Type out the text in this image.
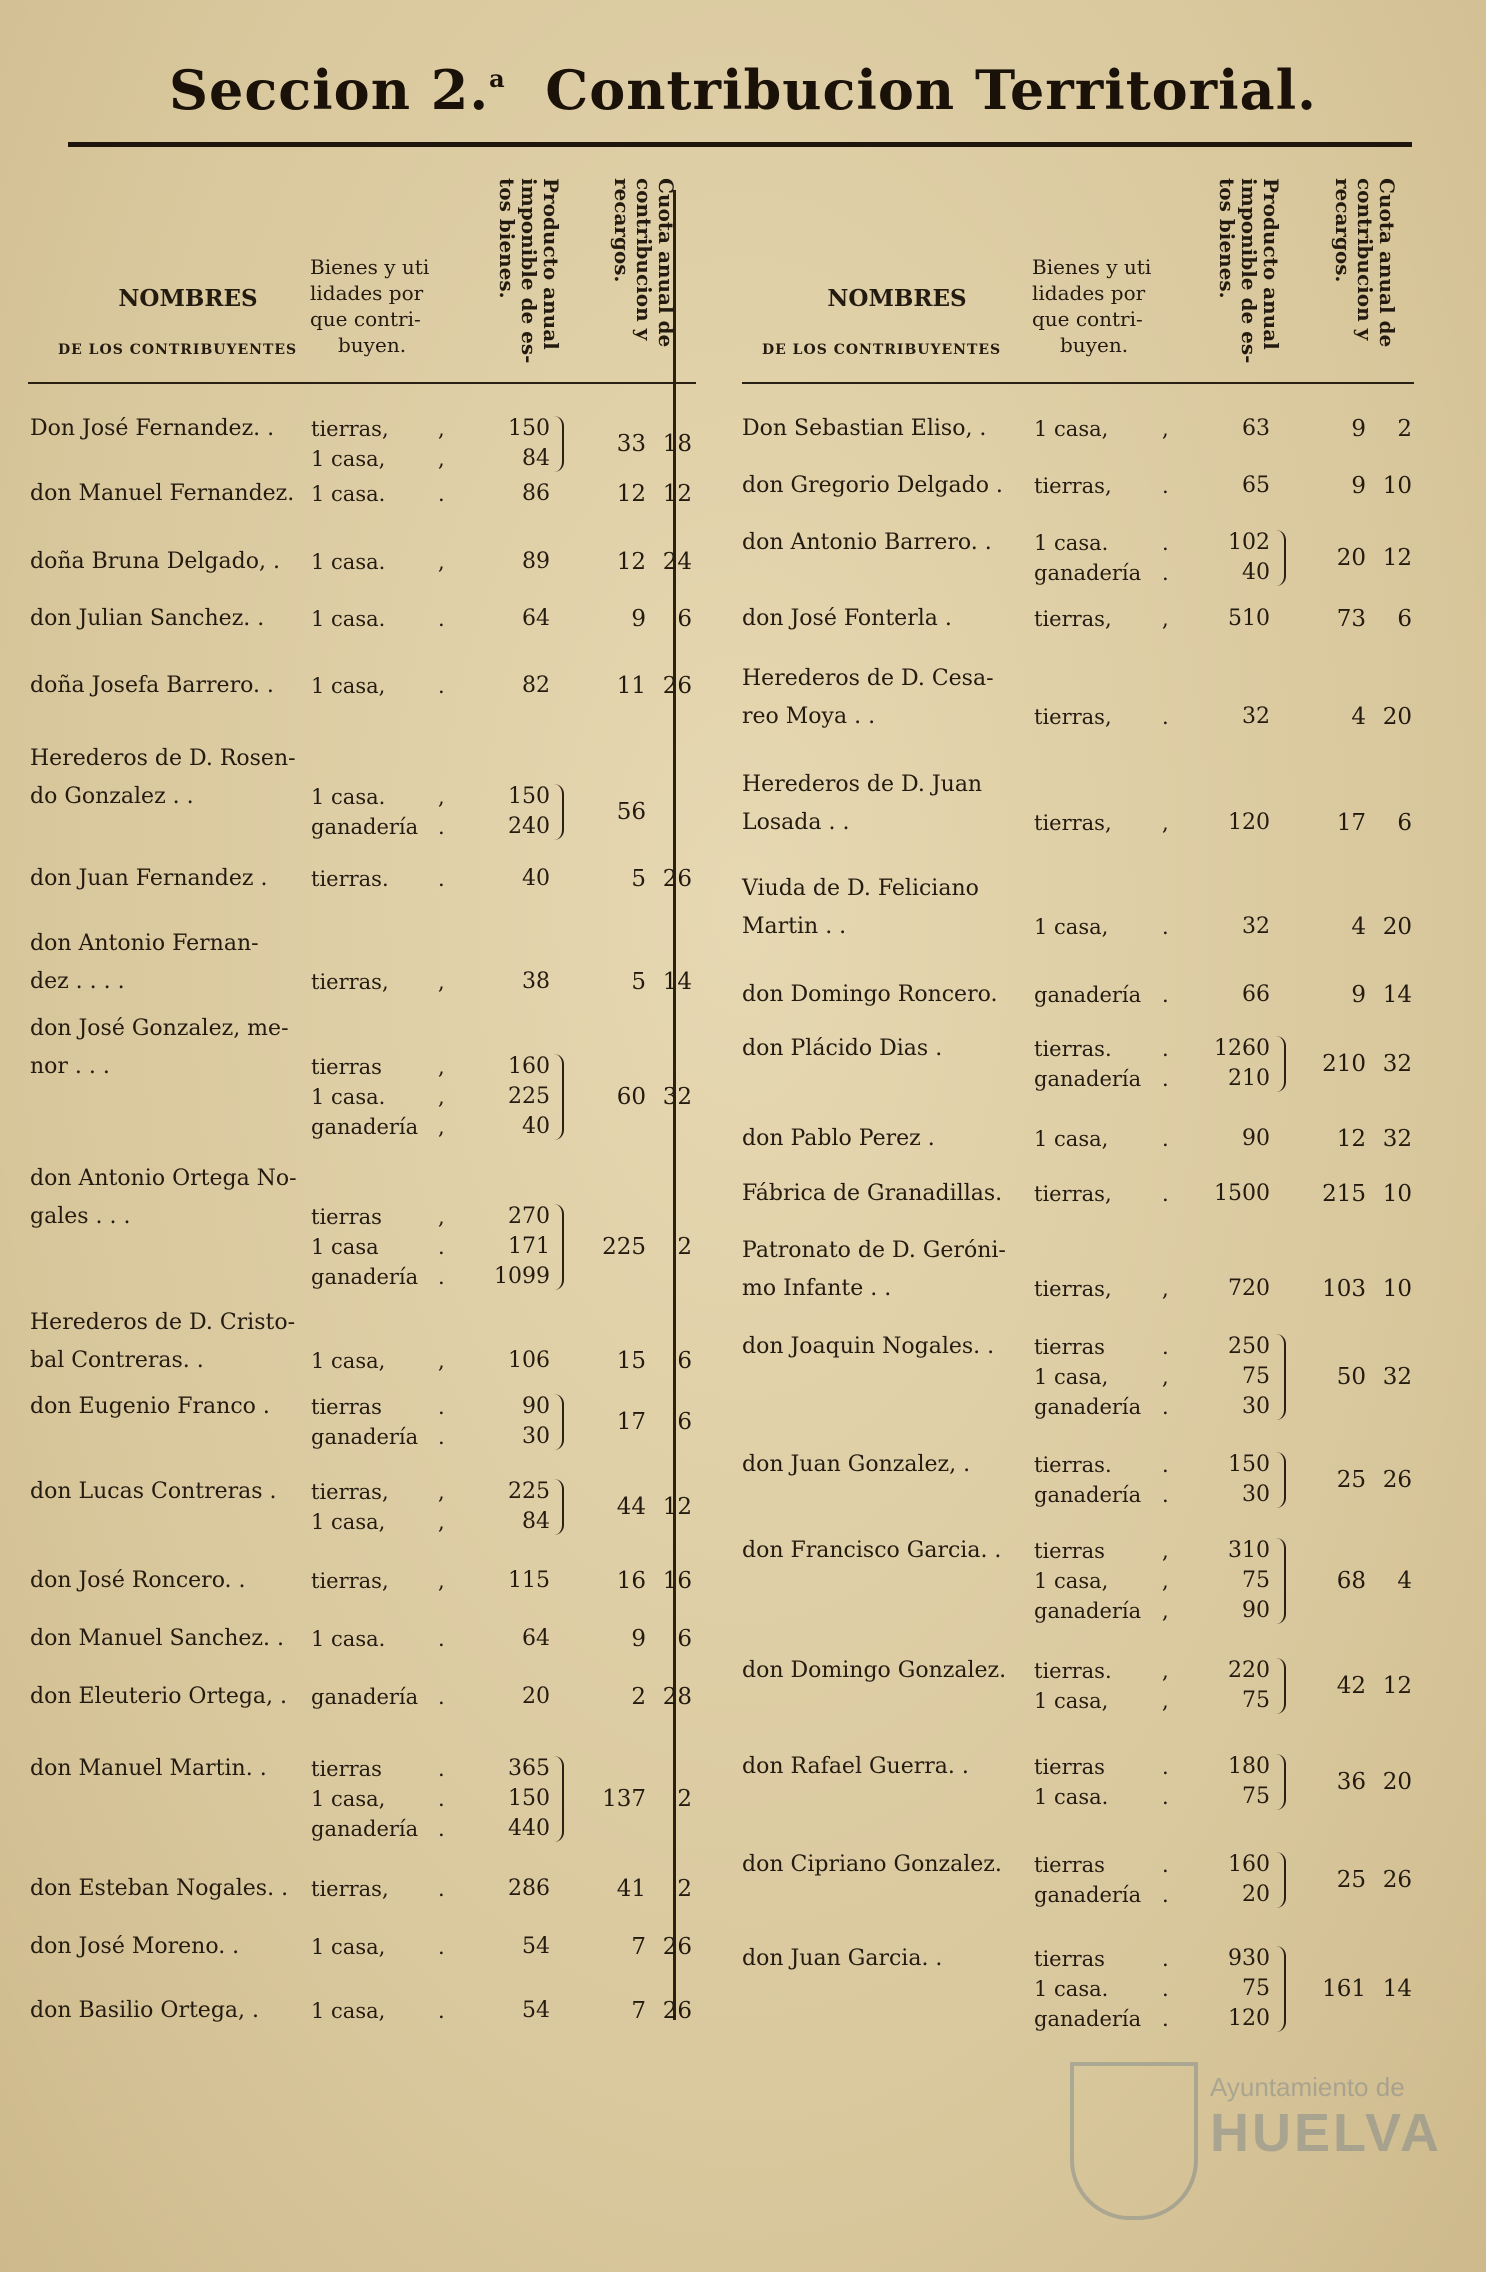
Seccion 2.$^a$ Contribucion Territorial.
NOMBRES
DE LOS CONTRIBUYENTES
Bienes y uti
lidades por
que contri-
buyen.	Producto anual
imponible de es-
tos bienes.	Cuota anual de
contribucion y
recargos.
Don José Fernandez. . tierras, ,	150
1 casa,	,	84
33 18
don Manuel Fernandez. 1 casa.	.	86	12 12
doña Bruna Delgado, . 1 casa.	,	89	12 24
don Julian Sanchez. . 1 casa.	.	64	9	6
doña Josefa Barrero. . 1 casa,	.	82	11 26
Herederos de D. Rosen-
do Gonzalez . .	1 casa.	,	150
ganadería .	240
56
don Juan Fernandez . tierras. .	40	5 26
don Antonio Fernan-
dez . . . .	tierras, ,	38	5 14
don José Gonzalez, me-
nor . . .	tierras	,	160
1 casa.	,	225
ganadería ,	40
60 32
don Antonio Ortega No-
gales . . .	tierras	,	270
1 casa	.	171
ganadería .	1099
225	2
Herederos de D. Cristo-
bal Contreras. .	1 casa,	,	106	15	6
don Eugenio Franco . tierras	.	90
ganadería .	30
17	6
don Lucas Contreras . tierras, ,	225
1 casa,	,	84
44 12
don José Roncero. .	tierras, ,	115	16 16
don Manuel Sanchez. . 1 casa.	.	64	9	6
don Eleuterio Ortega, . ganadería .	20	2 28
don Manuel Martin. . tierras	.	365
1 casa,	.	150
ganadería .	440
137	2
don Esteban Nogales. . tierras, .	286	41	2
don José Moreno. .	1 casa,	.	54	7 26
don Basilio Ortega, . 1 casa,	.	54	7 26
NOMBRES
DE LOS CONTRIBUYENTES
Bienes y uti
lidades por
que contri-
buyen.	Producto anual
imponible de es-
tos bienes.	Cuota anual de
contribucion y
recargos.
Don Sebastian Eliso, . 1 casa,	,	63	9	2
don Gregorio Delgado . tierras, .	65	9 10
don Antonio Barrero. . 1 casa.	.	102
ganadería .	40
20 12
don José Fonterla .	tierras, ,	510	73	6
Herederos de D. Cesa-
reo Moya . .	tierras, .	32	4 20
Herederos de D. Juan
Losada . .	tierras, ,	120	17	6
Viuda de D. Feliciano
Martin . .	1 casa,	.	32	4 20
don Domingo Roncero. ganadería .	66	9 14
don Plácido Dias .	tierras. .	1260
ganadería .	210
210 32
don Pablo Perez .	1 casa,	.	90	12 32
Fábrica de Granadillas. tierras, .	1500	215 10
Patronato de D. Geróni-
mo Infante . .	tierras, ,	720	103 10
don Joaquin Nogales. . tierras	.	250
1 casa,	,	75
ganadería .	30
50 32
don Juan Gonzalez, .	tierras. .	150
ganadería .	30
25 26
don Francisco Garcia. . tierras	,	310
1 casa,	,	75
ganadería ,	90
68	4
don Domingo Gonzalez. tierras. ,	220
1 casa,	,	75
42 12
don Rafael Guerra. .	tierras	.	180
1 casa.	.	75
36 20
don Cipriano Gonzalez. tierras	.	160
ganadería .	20
25 26
don Juan Garcia. .	tierras	.	930
1 casa.	.	75
ganadería .	120
161 14
Ayuntamiento de
HUELVA
